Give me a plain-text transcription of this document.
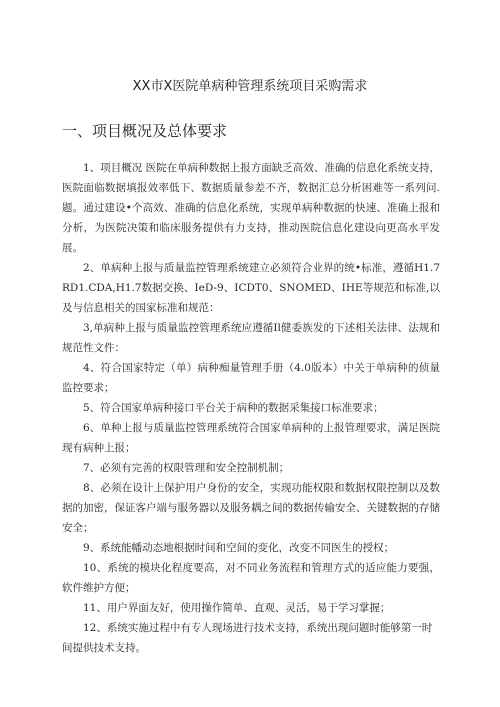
XX市X医院单病种管理系统项目采购需求
一、项目概况及总体要求

1、项目概况 医院在单病种数据上报方面缺乏高效、准确的信息化系统支持，医院面临数据填报效率低下、数据质量参差不齐，数据汇总分析困难等一系列问.题。通过建设•个高效、准确的信息化系统，实现单病种数据的快速、准确上报和分析，为医院决策和临床服务提供有力支持，推动医院信息化建设向更高水平发展。

2、单病种上报与质量监控管理系统建立必须符合业界的统•标准，遵循H1.7RD1.CDA,H1.7数据交换、IeD-9、ICDT0、SNOMED、IHE等规范和标准,以及与信息相关的国家标准和规范：

3,单病种上报与质量监控管理系统应遵循Il健委族发的下述相关法律、法规和规范性文件：

4、符合国家特定（单）病种痴量管理手册（4.0版本）中关于单病种的侦量监控要求；

5、符合国家单病种接口平台关于病种的数据采集接口标准要求；

6、单种上报与质量监控管理系统符合国家单病种的上报管理要求，满足医院现有病种上报；

7、必须有完善的权限管理和安全控制机制；

8、必须在设计上保护用户身份的安全，实现功能权限和数据权限控制以及数据的加密，保证客户端与服务器以及服务耦之间的数据传输安全、关键数据的存储安全；

9、系统能幡动态地根据时间和空间的变化，改变不同医生的授权；

10、系统的模块化程度要高，对不同业务流程和管理方式的适应能力要强，软件维护方便；

11、用户界面友好，使用操作简单、直观、灵活，易于学习掌握；

12、系统实施过程中有专人现场进行技术支持，系统出现问题时能够第一时
间提供技术支持。
